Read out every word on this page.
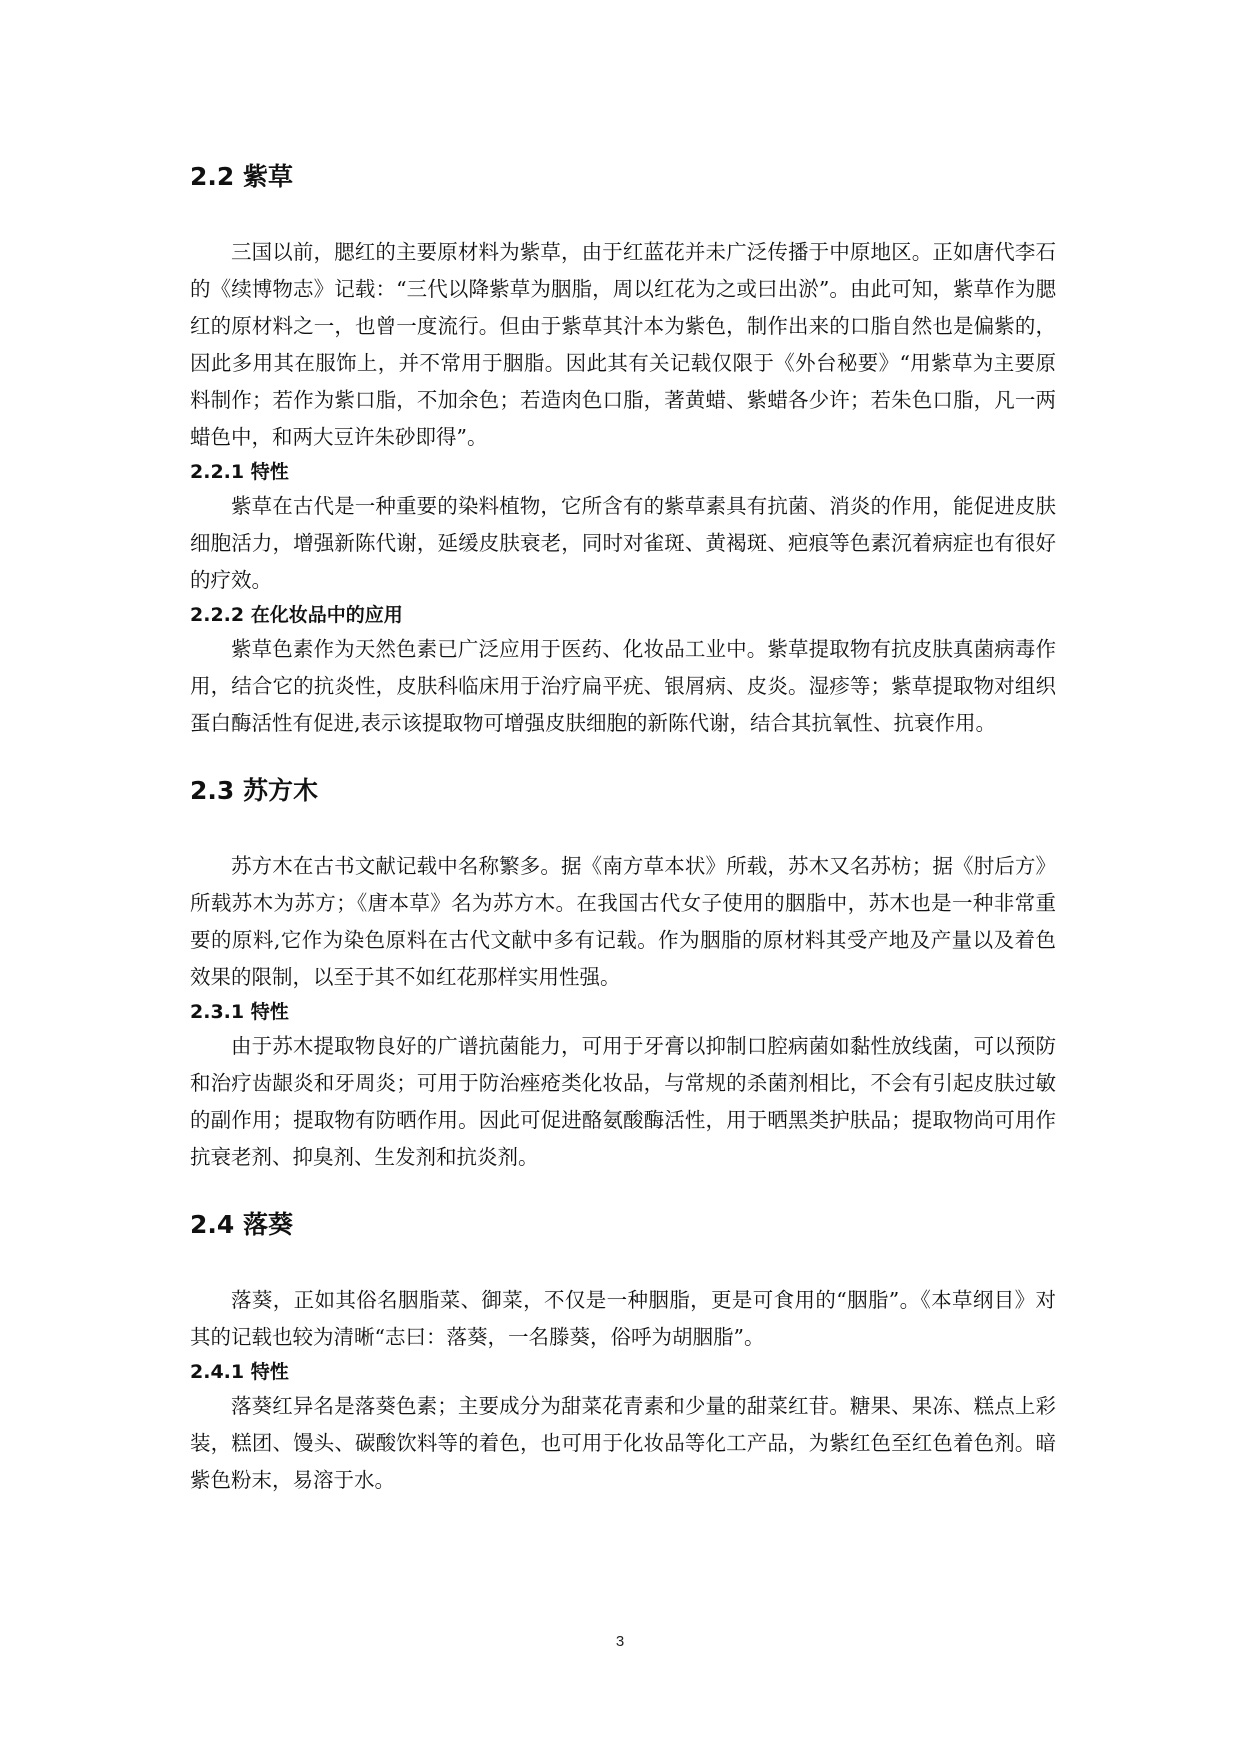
2.2 紫草

三国以前，腮红的主要原材料为紫草，由于红蓝花并未广泛传播于中原地区。正如唐代李石的《续博物志》记载：“三代以降紫草为胭脂，周以红花为之或曰出淤”。由此可知，紫草作为腮红的原材料之一，也曾一度流行。但由于紫草其汁本为紫色，制作出来的口脂自然也是偏紫的，因此多用其在服饰上，并不常用于胭脂。因此其有关记载仅限于《外台秘要》“用紫草为主要原料制作；若作为紫口脂，不加余色；若造肉色口脂，著黄蜡、紫蜡各少许；若朱色口脂，凡一两蜡色中，和两大豆许朱砂即得”。

2.2.1 特性

紫草在古代是一种重要的染料植物，它所含有的紫草素具有抗菌、消炎的作用，能促进皮肤细胞活力，增强新陈代谢，延缓皮肤衰老，同时对雀斑、黄褐斑、疤痕等色素沉着病症也有很好的疗效。

2.2.2 在化妆品中的应用

紫草色素作为天然色素已广泛应用于医药、化妆品工业中。紫草提取物有抗皮肤真菌病毒作用，结合它的抗炎性，皮肤科临床用于治疗扁平疣、银屑病、皮炎。湿疹等；紫草提取物对组织蛋白酶活性有促进,表示该提取物可增强皮肤细胞的新陈代谢，结合其抗氧性、抗衰作用。

2.3 苏方木

苏方木在古书文献记载中名称繁多。据《南方草本状》所载，苏木又名苏枋；据《肘后方》所载苏木为苏方；《唐本草》名为苏方木。在我国古代女子使用的胭脂中，苏木也是一种非常重要的原料,它作为染色原料在古代文献中多有记载。作为胭脂的原材料其受产地及产量以及着色效果的限制，以至于其不如红花那样实用性强。

2.3.1 特性

由于苏木提取物良好的广谱抗菌能力，可用于牙膏以抑制口腔病菌如黏性放线菌，可以预防和治疗齿龈炎和牙周炎；可用于防治痤疮类化妆品，与常规的杀菌剂相比，不会有引起皮肤过敏的副作用；提取物有防晒作用。因此可促进酪氨酸酶活性，用于晒黑类护肤品；提取物尚可用作抗衰老剂、抑臭剂、生发剂和抗炎剂。

2.4 落葵

落葵，正如其俗名胭脂菜、御菜，不仅是一种胭脂，更是可食用的“胭脂”。《本草纲目》对其的记载也较为清晰“志曰：落葵，一名滕葵，俗呼为胡胭脂”。

2.4.1 特性

落葵红异名是落葵色素；主要成分为甜菜花青素和少量的甜菜红苷。糖果、果冻、糕点上彩装，糕团、馒头、碳酸饮料等的着色，也可用于化妆品等化工产品，为紫红色至红色着色剂。暗紫色粉末，易溶于水。

3
